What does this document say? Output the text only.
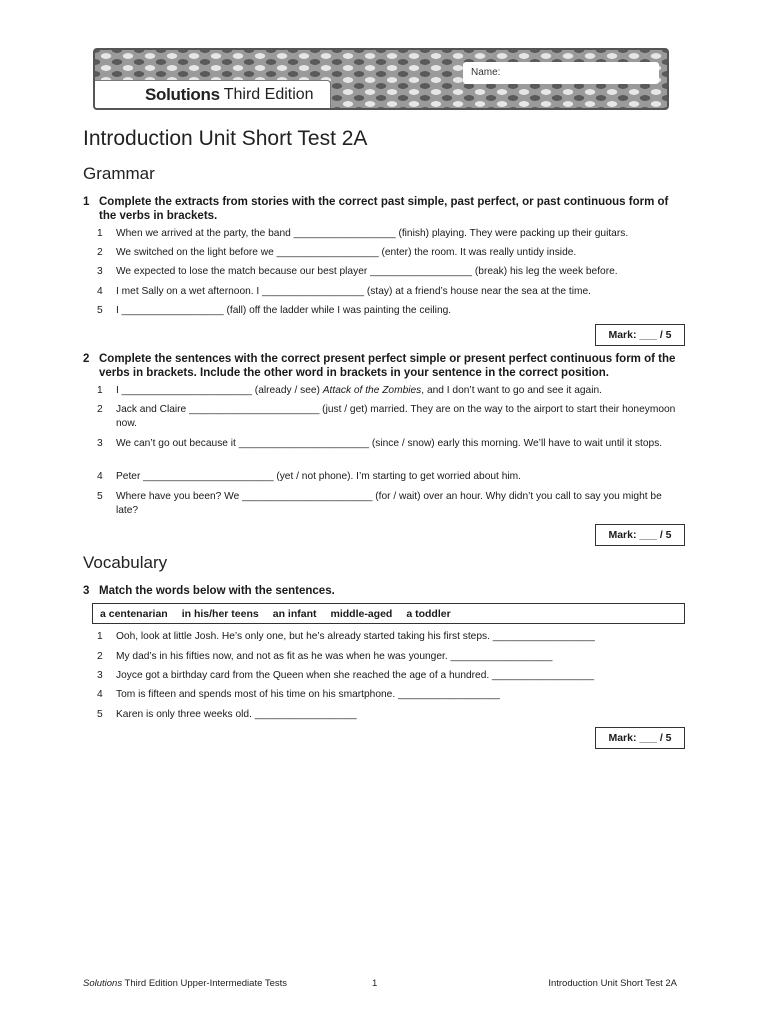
Name:
Solutions Third Edition
Introduction Unit Short Test 2A
Grammar
1 Complete the extracts from stories with the correct past simple, past perfect, or past continuous form of the verbs in brackets.
1 When we arrived at the party, the band __________________ (finish) playing. They were packing up their guitars.
2 We switched on the light before we __________________ (enter) the room. It was really untidy inside.
3 We expected to lose the match because our best player __________________ (break) his leg the week before.
4 I met Sally on a wet afternoon. I __________________ (stay) at a friend’s house near the sea at the time.
5 I __________________ (fall) off the ladder while I was painting the ceiling.
Mark: ___ / 5
2 Complete the sentences with the correct present perfect simple or present perfect continuous form of the verbs in brackets. Include the other word in brackets in your sentence in the correct position.
1 I _______________________ (already / see) Attack of the Zombies, and I don’t want to go and see it again.
2 Jack and Claire _______________________ (just / get) married. They are on the way to the airport to start their honeymoon now.
3 We can’t go out because it _______________________ (since / snow) early this morning. We’ll have to wait until it stops.
4 Peter _______________________ (yet / not phone). I’m starting to get worried about him.
5 Where have you been? We _______________________ (for / wait) over an hour. Why didn’t you call to say you might be late?
Mark: ___ / 5
Vocabulary
3 Match the words below with the sentences.
a centenarian in his/her teens an infant middle-aged a toddler
1 Ooh, look at little Josh. He’s only one, but he’s already started taking his first steps. __________________
2 My dad’s in his fifties now, and not as fit as he was when he was younger. __________________
3 Joyce got a birthday card from the Queen when she reached the age of a hundred. __________________
4 Tom is fifteen and spends most of his time on his smartphone. __________________
5 Karen is only three weeks old. __________________
Mark: ___ / 5
Solutions Third Edition Upper-Intermediate Tests	1	Introduction Unit Short Test 2A
